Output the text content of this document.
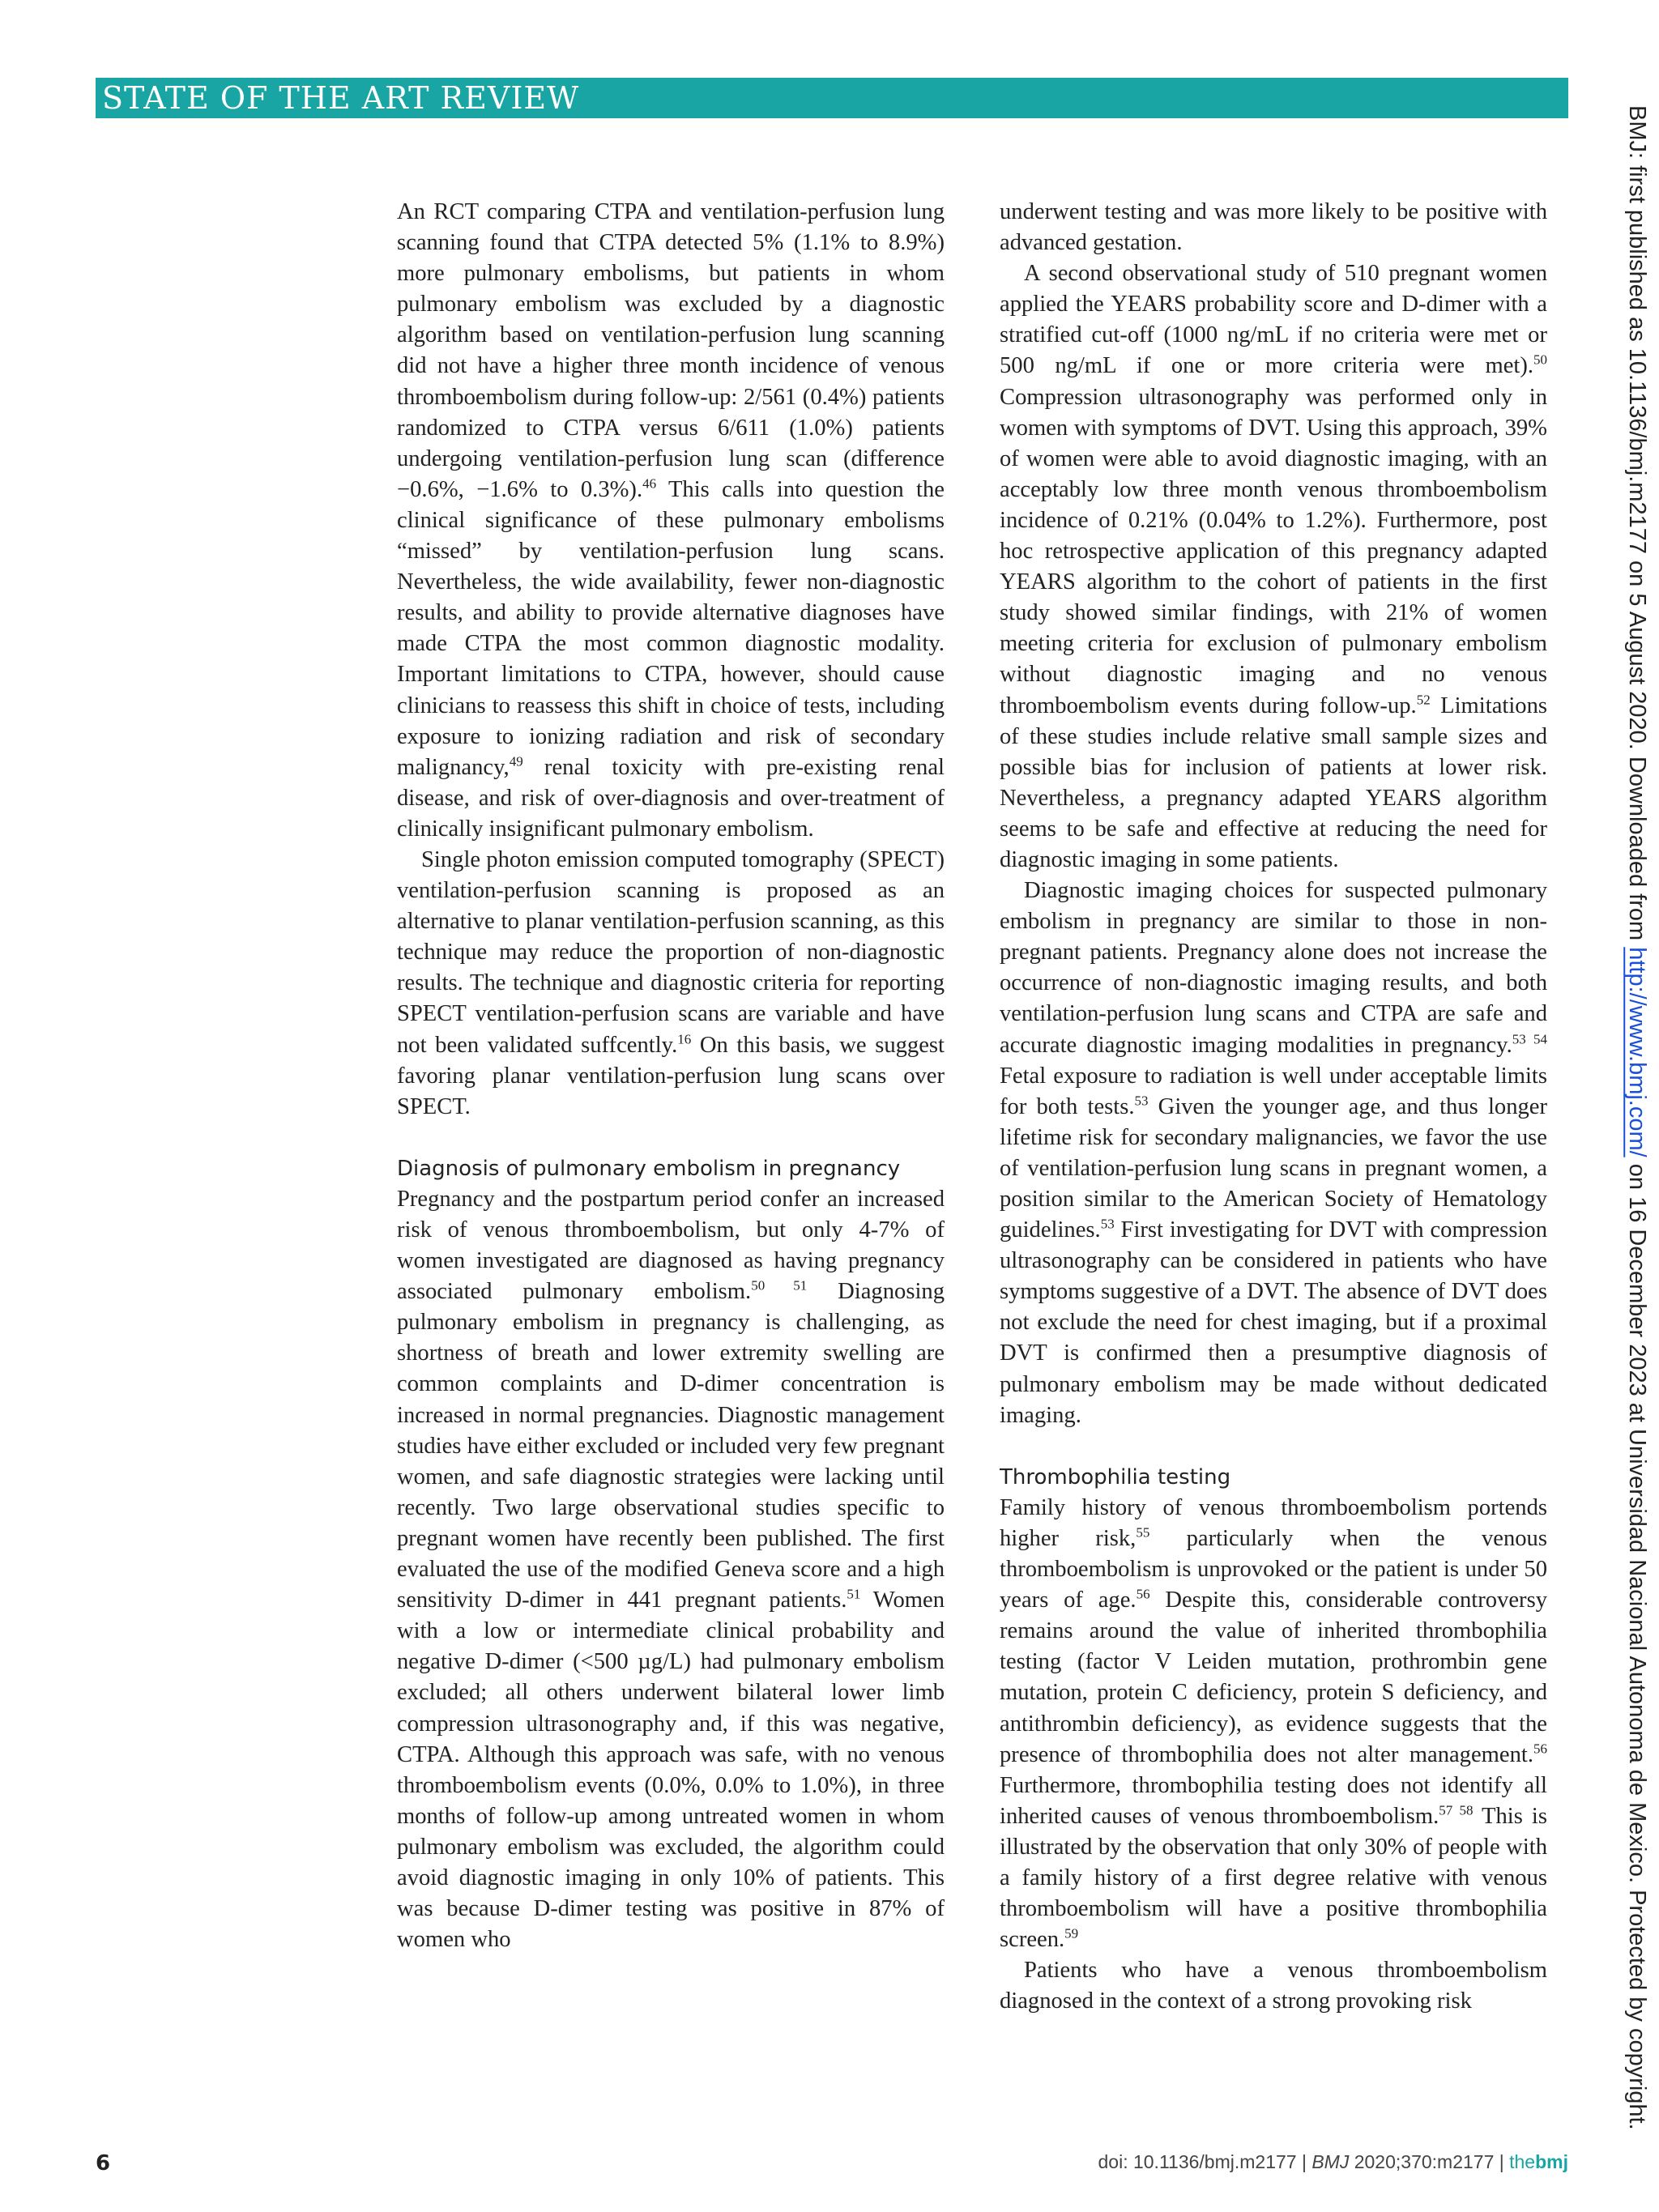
STATE OF THE ART REVIEW

An RCT comparing CTPA and ventilation-perfusion lung scanning found that CTPA detected 5% (1.1% to 8.9%) more pulmonary embolisms, but patients in whom pulmonary embolism was excluded by a diagnostic algorithm based on ventilation-perfusion lung scanning did not have a higher three month incidence of venous thromboembolism during follow-up: 2/561 (0.4%) patients randomized to CTPA versus 6/611 (1.0%) patients undergoing ventilation-perfusion lung scan (difference −0.6%, −1.6% to 0.3%).$^{46}$ This calls into question the clinical significance of these pulmonary embolisms “missed” by ventilation-perfusion lung scans. Nevertheless, the wide availability, fewer non-diagnostic results, and ability to provide alternative diagnoses have made CTPA the most common diagnostic modality. Important limitations to CTPA, however, should cause clinicians to reassess this shift in choice of tests, including exposure to ionizing radiation and risk of secondary malignancy,$^{49}$ renal toxicity with pre-existing renal disease, and risk of over-diagnosis and over-treatment of clinically insignificant pulmonary embolism.

Single photon emission computed tomography (SPECT) ventilation-perfusion scanning is proposed as an alternative to planar ventilation-perfusion scanning, as this technique may reduce the proportion of non-diagnostic results. The technique and diagnostic criteria for reporting SPECT ventilation-perfusion scans are variable and have not been validated suffcently.$^{16}$ On this basis, we suggest favoring planar ventilation-perfusion lung scans over SPECT.

Diagnosis of pulmonary embolism in pregnancy

Pregnancy and the postpartum period confer an increased risk of venous thromboembolism, but only 4-7% of women investigated are diagnosed as having pregnancy associated pulmonary embolism.$^{50 51}$ Diagnosing pulmonary embolism in pregnancy is challenging, as shortness of breath and lower extremity swelling are common complaints and D-dimer concentration is increased in normal pregnancies. Diagnostic management studies have either excluded or included very few pregnant women, and safe diagnostic strategies were lacking until recently. Two large observational studies specific to pregnant women have recently been published. The first evaluated the use of the modified Geneva score and a high sensitivity D-dimer in 441 pregnant patients.$^{51}$ Women with a low or intermediate clinical probability and negative D-dimer (<500 µg/L) had pulmonary embolism excluded; all others underwent bilateral lower limb compression ultrasonography and, if this was negative, CTPA. Although this approach was safe, with no venous thromboembolism events (0.0%, 0.0% to 1.0%), in three months of follow-up among untreated women in whom pulmonary embolism was excluded, the algorithm could avoid diagnostic imaging in only 10% of patients. This was because D-dimer testing was positive in 87% of women who

underwent testing and was more likely to be positive with advanced gestation.

A second observational study of 510 pregnant women applied the YEARS probability score and D-dimer with a stratified cut-off (1000 ng/mL if no criteria were met or 500 ng/mL if one or more criteria were met).$^{50}$ Compression ultrasonography was performed only in women with symptoms of DVT. Using this approach, 39% of women were able to avoid diagnostic imaging, with an acceptably low three month venous thromboembolism incidence of 0.21% (0.04% to 1.2%). Furthermore, post hoc retrospective application of this pregnancy adapted YEARS algorithm to the cohort of patients in the first study showed similar findings, with 21% of women meeting criteria for exclusion of pulmonary embolism without diagnostic imaging and no venous thromboembolism events during follow-up.$^{52}$ Limitations of these studies include relative small sample sizes and possible bias for inclusion of patients at lower risk. Nevertheless, a pregnancy adapted YEARS algorithm seems to be safe and effective at reducing the need for diagnostic imaging in some patients.

Diagnostic imaging choices for suspected pulmonary embolism in pregnancy are similar to those in non-pregnant patients. Pregnancy alone does not increase the occurrence of non-diagnostic imaging results, and both ventilation-perfusion lung scans and CTPA are safe and accurate diagnostic imaging modalities in pregnancy.$^{53 54}$ Fetal exposure to radiation is well under acceptable limits for both tests.$^{53}$ Given the younger age, and thus longer lifetime risk for secondary malignancies, we favor the use of ventilation-perfusion lung scans in pregnant women, a position similar to the American Society of Hematology guidelines.$^{53}$ First investigating for DVT with compression ultrasonography can be considered in patients who have symptoms suggestive of a DVT. The absence of DVT does not exclude the need for chest imaging, but if a proximal DVT is confirmed then a presumptive diagnosis of pulmonary embolism may be made without dedicated imaging.

Thrombophilia testing

Family history of venous thromboembolism portends higher risk,$^{55}$ particularly when the venous thromboembolism is unprovoked or the patient is under 50 years of age.$^{56}$ Despite this, considerable controversy remains around the value of inherited thrombophilia testing (factor V Leiden mutation, prothrombin gene mutation, protein C deficiency, protein S deficiency, and antithrombin deficiency), as evidence suggests that the presence of thrombophilia does not alter management.$^{56}$ Furthermore, thrombophilia testing does not identify all inherited causes of venous thromboembolism.$^{57 58}$ This is illustrated by the observation that only 30% of people with a family history of a first degree relative with venous thromboembolism will have a positive thrombophilia screen.$^{59}$

Patients who have a venous thromboembolism diagnosed in the context of a strong provoking risk

BMJ: first published as 10.1136/bmj.m2177 on 5 August 2020. Downloaded from http://www.bmj.com/ on 16 December 2023 at Universidad Nacional Autonoma de Mexico. Protected by copyright.
6	doi: 10.1136/bmj.m2177 | BMJ 2020;370:m2177 | thebmj
